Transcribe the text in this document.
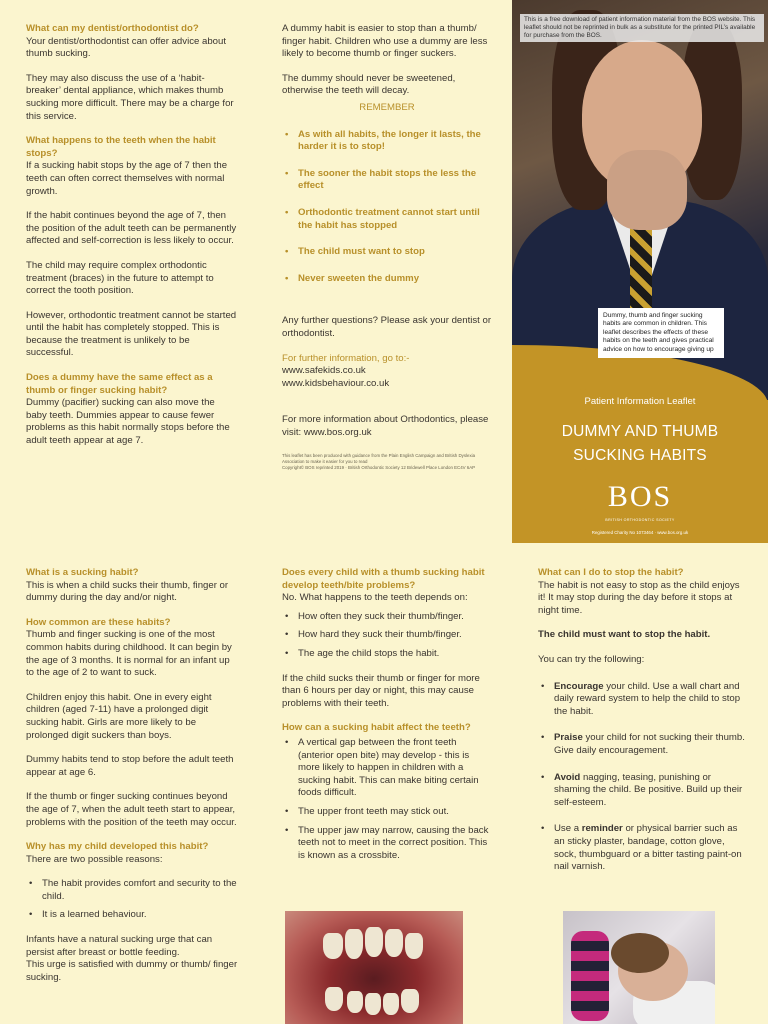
What can my dentist/orthodontist do?
Your dentist/orthodontist can offer advice about thumb sucking.

They may also discuss the use of a ‘habit-breaker’ dental appliance, which makes thumb sucking more difficult. There may be a charge for this service.

What happens to the teeth when the habit stops?
If a sucking habit stops by the age of 7 then the teeth can often correct themselves with normal growth.

If the habit continues beyond the age of 7, then the position of the adult teeth can be permanently affected and self-correction is less likely to occur.

The child may require complex orthodontic treatment (braces) in the future to attempt to correct the tooth position.

However, orthodontic treatment cannot be started until the habit has completely stopped. This is because the treatment is unlikely to be successful.

Does a dummy have the same effect as a thumb or finger sucking habit?
Dummy (pacifier) sucking can also move the baby teeth. Dummies appear to cause fewer problems as this habit normally stops before the adult teeth appear at age 7.

A dummy habit is easier to stop than a thumb/ finger habit. Children who use a dummy are less likely to become thumb or finger suckers.

The dummy should never be sweetened, otherwise the teeth will decay.

REMEMBER
• As with all habits, the longer it lasts, the harder it is to stop!
• The sooner the habit stops the less the effect
• Orthodontic treatment cannot start until the habit has stopped
• The child must want to stop
• Never sweeten the dummy

Any further questions? Please ask your dentist or orthodontist.

For further information, go to:-
www.safekids.co.uk
www.kidsbehaviour.co.uk

For more information about Orthodontics, please visit: www.bos.org.uk

This leaflet has been produced with guidance from the Plain English Campaign and British Dyslexia Association to make it easier for you to read
Copyright© BOS reprinted 2019 · British Orthodontic Society 12 Bridewell Place London EC4V 6AP
This is a free download of patient information material from the BOS website. This leaflet should not be reprinted in bulk as a substitute for the printed PIL’s available for purchase from the BOS.
Dummy, thumb and finger sucking habits are common in children. This leaflet describes the effects of these habits on the teeth and gives practical advice on how to encourage giving up
Patient Information Leaflet
DUMMY AND THUMB
SUCKING HABITS
BOS
BRITISH ORTHODONTIC SOCIETY
Registered Charity No 1073464 · www.bos.org.uk

What is a sucking habit?
This is when a child sucks their thumb, finger or dummy during the day and/or night.

How common are these habits?
Thumb and finger sucking is one of the most common habits during childhood. It can begin by the age of 3 months. It is normal for an infant up to the age of 2 to want to suck.

Children enjoy this habit. One in every eight children (aged 7-11) have a prolonged digit sucking habit. Girls are more likely to be prolonged digit suckers than boys.

Dummy habits tend to stop before the adult teeth appear at age 6.

If the thumb or finger sucking continues beyond the age of 7, when the adult teeth start to appear, problems with the position of the teeth may occur.

Why has my child developed this habit?
There are two possible reasons:

• The habit provides comfort and security to the child.
• It is a learned behaviour.

Infants have a natural sucking urge that can persist after breast or bottle feeding.
This urge is satisfied with dummy or thumb/ finger sucking.

Does every child with a thumb sucking habit develop teeth/bite problems?
No. What happens to the teeth depends on:

• How often they suck their thumb/finger.
• How hard they suck their thumb/finger.
• The age the child stops the habit.

If the child sucks their thumb or finger for more than 6 hours per day or night, this may cause problems with their teeth.

How can a sucking habit affect the teeth?
• A vertical gap between the front teeth (anterior open bite) may develop - this is more likely to happen in children with a sucking habit. This can make biting certain foods difficult.
• The upper front teeth may stick out.
• The upper jaw may narrow, causing the back teeth not to meet in the correct position. This is known as a crossbite.

What can I do to stop the habit?
The habit is not easy to stop as the child enjoys it! It may stop during the day before it stops at night time.

The child must want to stop the habit.

You can try the following:

• Encourage your child. Use a wall chart and daily reward system to help the child to stop the habit.
• Praise your child for not sucking their thumb. Give daily encouragement.
• Avoid nagging, teasing, punishing or shaming the child. Be positive. Build up their self-esteem.
• Use a reminder or physical barrier such as an sticky plaster, bandage, cotton glove, sock, thumbguard or a bitter tasting paint-on nail varnish.
